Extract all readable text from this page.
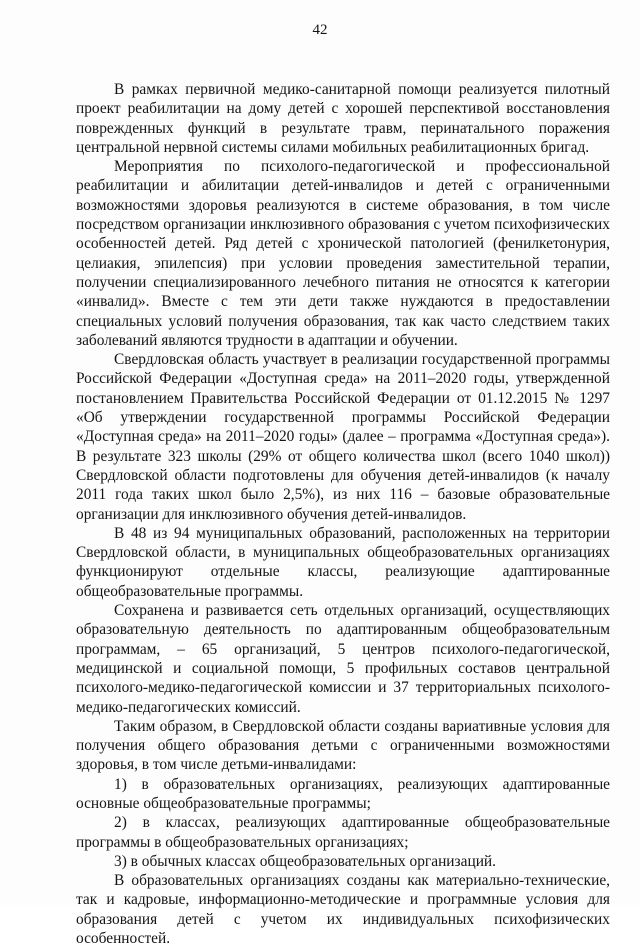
42

В рамках первичной медико-санитарной помощи реализуется пилотный проект реабилитации на дому детей с хорошей перспективой восстановления поврежденных функций в результате травм, перинатального поражения центральной нервной системы силами мобильных реабилитационных бригад.

Мероприятия по психолого-педагогической и профессиональной реабилитации и абилитации детей-инвалидов и детей с ограниченными возможностями здоровья реализуются в системе образования, в том числе посредством организации инклюзивного образования с учетом психофизических особенностей детей. Ряд детей с хронической патологией (фенилкетонурия, целиакия, эпилепсия) при условии проведения заместительной терапии, получении специализированного лечебного питания не относятся к категории «инвалид». Вместе с тем эти дети также нуждаются в предоставлении специальных условий получения образования, так как часто следствием таких заболеваний являются трудности в адаптации и обучении.

Свердловская область участвует в реализации государственной программы Российской Федерации «Доступная среда» на 2011–2020 годы, утвержденной постановлением Правительства Российской Федерации от 01.12.2015 № 1297 «Об утверждении государственной программы Российской Федерации «Доступная среда» на 2011–2020 годы» (далее – программа «Доступная среда»). В результате 323 школы (29% от общего количества школ (всего 1040 школ)) Свердловской области подготовлены для обучения детей-инвалидов (к началу 2011 года таких школ было 2,5%), из них 116 – базовые образовательные организации для инклюзивного обучения детей-инвалидов.

В 48 из 94 муниципальных образований, расположенных на территории Свердловской области, в муниципальных общеобразовательных организациях функционируют отдельные классы, реализующие адаптированные общеобразовательные программы.

Сохранена и развивается сеть отдельных организаций, осуществляющих образовательную деятельность по адаптированным общеобразовательным программам, – 65 организаций, 5 центров психолого-педагогической, медицинской и социальной помощи, 5 профильных составов центральной психолого-медико-педагогической комиссии и 37 территориальных психолого-медико-педагогических комиссий.

Таким образом, в Свердловской области созданы вариативные условия для получения общего образования детьми с ограниченными возможностями здоровья, в том числе детьми-инвалидами:

1) в образовательных организациях, реализующих адаптированные основные общеобразовательные программы;

2) в классах, реализующих адаптированные общеобразовательные программы в общеобразовательных организациях;

3) в обычных классах общеобразовательных организаций.

В образовательных организациях созданы как материально-технические, так и кадровые, информационно-методические и программные условия для образования детей с учетом их индивидуальных психофизических особенностей.
